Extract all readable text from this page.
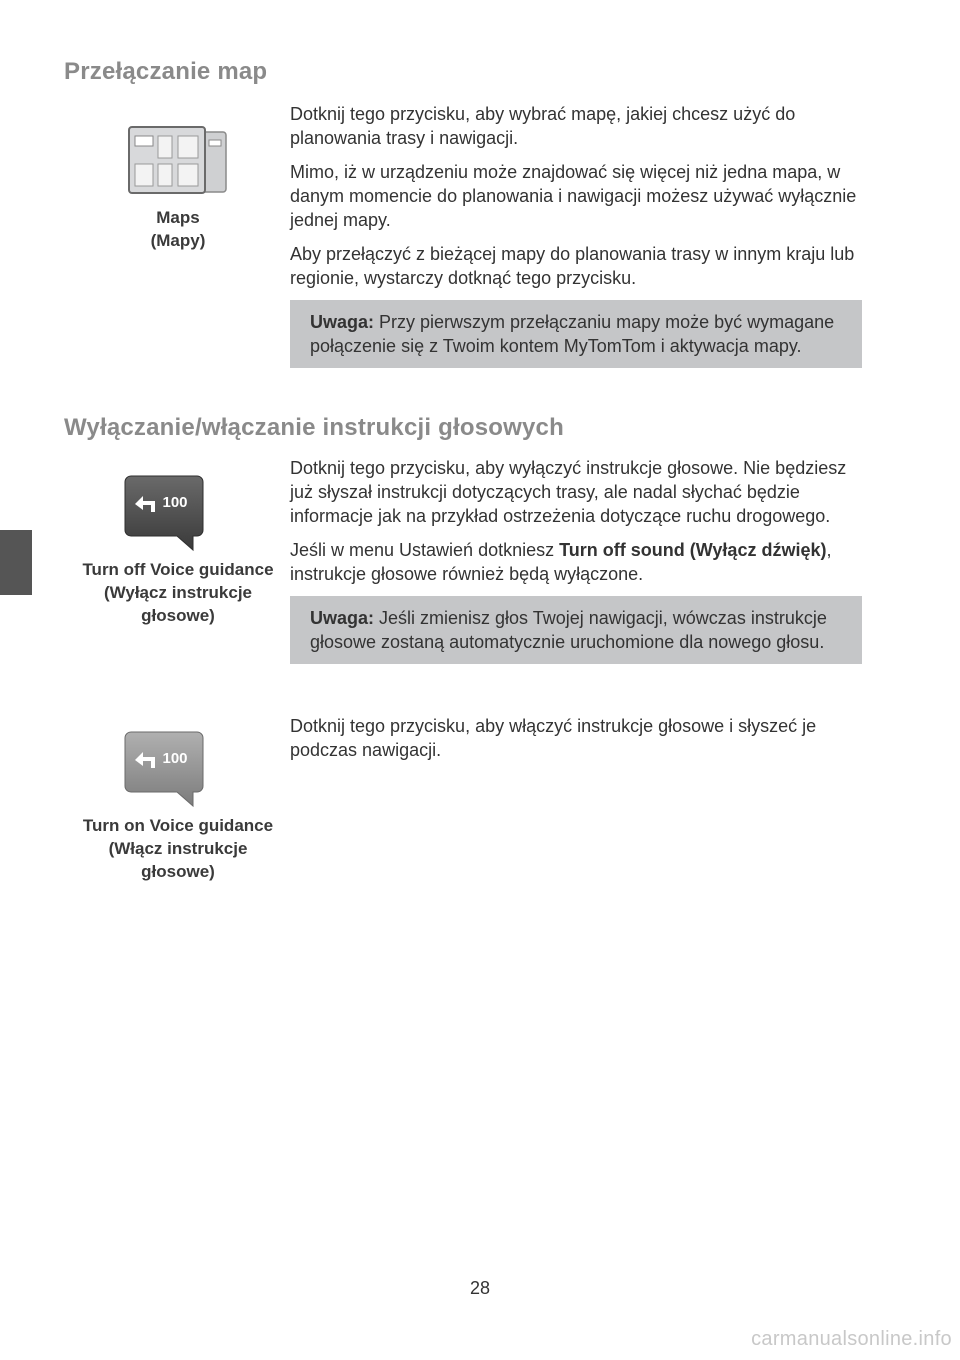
Przełączanie map
Maps
(Mapy)

Dotknij tego przycisku, aby wybrać mapę, jakiej chcesz użyć do planowania trasy i nawigacji.

Mimo, iż w urządzeniu może znajdować się więcej niż jedna mapa, w danym momencie do planowania i nawigacji możesz używać wyłącznie jednej mapy.

Aby przełączyć z bieżącej mapy do planowania trasy w innym kraju lub regionie, wystarczy dotknąć tego przycisku.

Uwaga: Przy pierwszym przełączaniu mapy może być wymagane połączenie się z Twoim kontem MyTomTom i aktywacja mapy.
Wyłączanie/włączanie instrukcji głosowych
100
Turn off Voice guidance
(Wyłącz instrukcje
głosowe)

Dotknij tego przycisku, aby wyłączyć instrukcje głosowe. Nie będziesz już słyszał instrukcji dotyczących trasy, ale nadal słychać będzie informacje jak na przykład ostrzeżenia dotyczące ruchu drogowego.

Jeśli w menu Ustawień dotkniesz Turn off sound (Wyłącz dźwięk), instrukcje głosowe również będą wyłączone.

Uwaga: Jeśli zmienisz głos Twojej nawigacji, wówczas instrukcje głosowe zostaną automatycznie uruchomione dla nowego głosu.
100
Turn on Voice guidance
(Włącz instrukcje
głosowe)

Dotknij tego przycisku, aby włączyć instrukcje głosowe i słyszeć je podczas nawigacji.

28
carmanualsonline.info
